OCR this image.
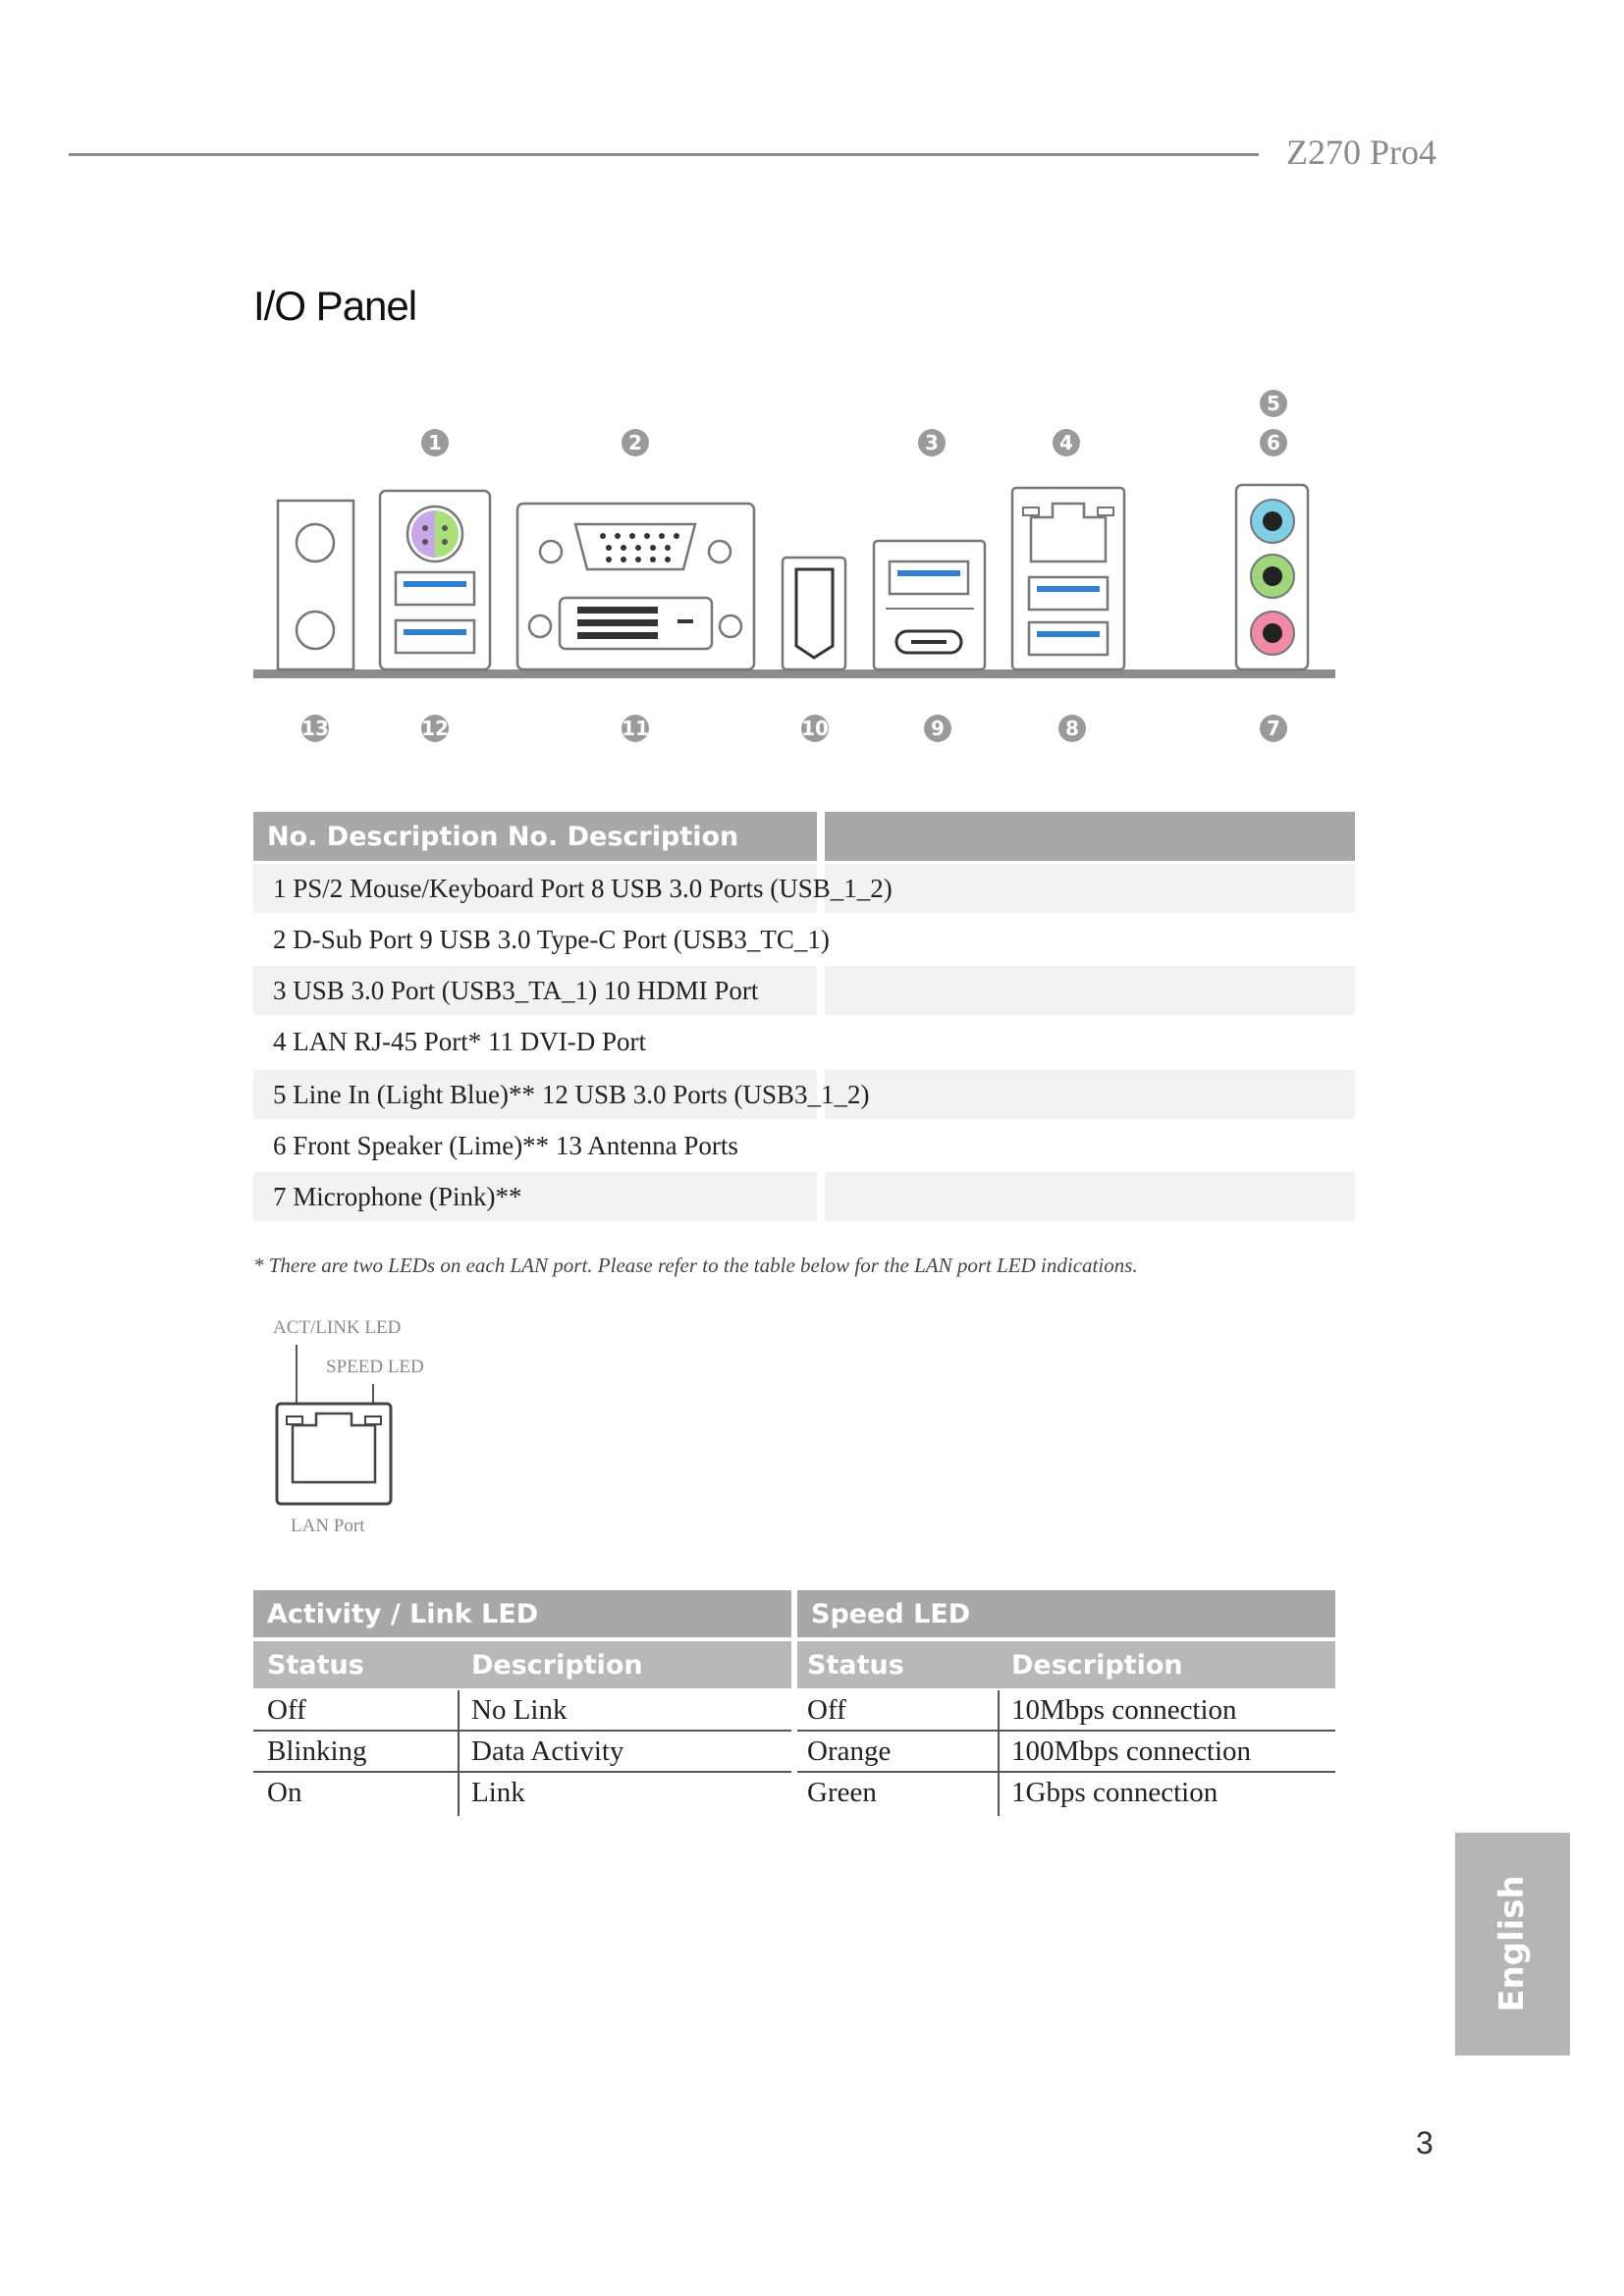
Z270 Pro4
I/O Panel
1	2	3	4
5
6
13	12	11	10	9	8	7
No. Description No. Description
1 PS/2 Mouse/Keyboard Port 8 USB 3.0 Ports (USB_1_2)
2 D-Sub Port 9 USB 3.0 Type-C Port (USB3_TC_1)
3 USB 3.0 Port (USB3_TA_1) 10 HDMI Port
4 LAN RJ-45 Port* 11 DVI-D Port
5 Line In (Light Blue)** 12 USB 3.0 Ports (USB3_1_2)
6 Front Speaker (Lime)** 13 Antenna Ports
7 Microphone (Pink)**
* There are two LEDs on each LAN port. Please refer to the table below for the LAN port LED indications.
ACT/LINK LED
SPEED LED
LAN Port
Activity / Link LED
Status	Description
Off	No Link
Blinking	Data Activity
On	Link
Speed LED
Status	Description
Off	10Mbps connection
Orange	100Mbps connection
Green	1Gbps connection
English
3
